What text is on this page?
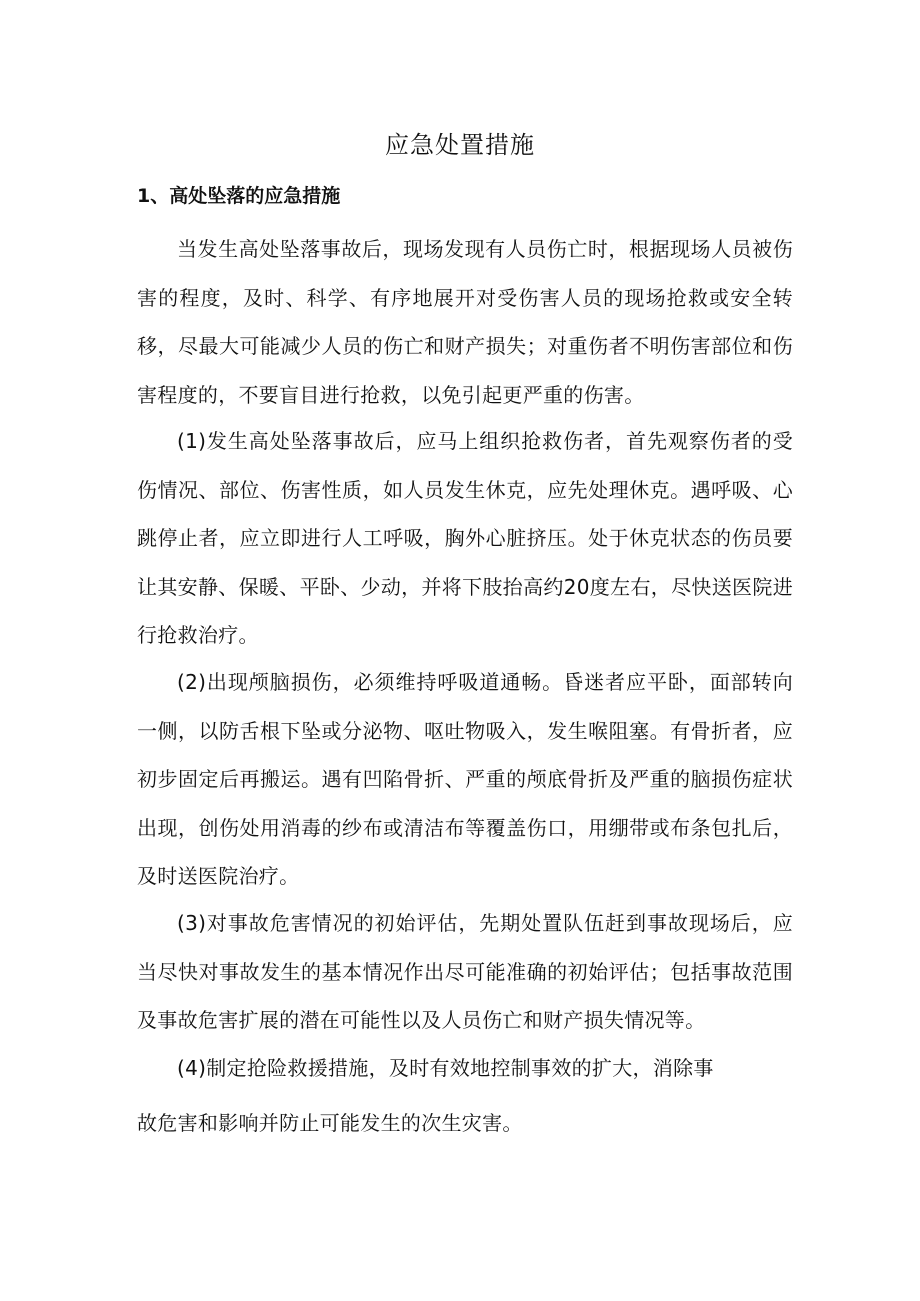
应急处置措施
1、高处坠落的应急措施

当发生高处坠落事故后，现场发现有人员伤亡时，根据现场人员被伤害的程度，及时、科学、有序地展开对受伤害人员的现场抢救或安全转移，尽最大可能减少人员的伤亡和财产损失；对重伤者不明伤害部位和伤害程度的，不要盲目进行抢救，以免引起更严重的伤害。

(1)发生高处坠落事故后，应马上组织抢救伤者，首先观察伤者的受伤情况、部位、伤害性质，如人员发生休克，应先处理休克。遇呼吸、心跳停止者，应立即进行人工呼吸，胸外心脏挤压。处于休克状态的伤员要让其安静、保暖、平卧、少动，并将下肢抬高约20度左右，尽快送医院进行抢救治疗。

(2)出现颅脑损伤，必须维持呼吸道通畅。昏迷者应平卧，面部转向一侧，以防舌根下坠或分泌物、呕吐物吸入，发生喉阻塞。有骨折者，应初步固定后再搬运。遇有凹陷骨折、严重的颅底骨折及严重的脑损伤症状出现，创伤处用消毒的纱布或清洁布等覆盖伤口，用绷带或布条包扎后，及时送医院治疗。

(3)对事故危害情况的初始评估，先期处置队伍赶到事故现场后，应当尽快对事故发生的基本情况作出尽可能准确的初始评估；包括事故范围及事故危害扩展的潜在可能性以及人员伤亡和财产损失情况等。

(4)制定抢险救援措施，及时有效地控制事效的扩大，消除事

故危害和影响并防止可能发生的次生灾害。
